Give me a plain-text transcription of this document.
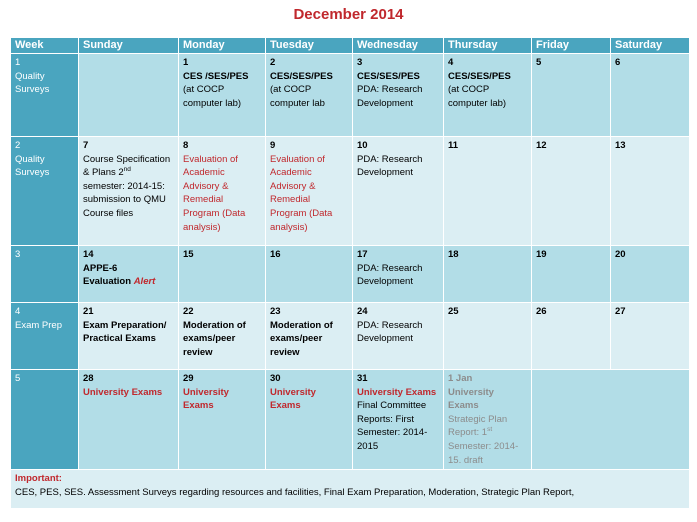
December 2014
Week	Sunday	Monday	Tuesday	Wednesday	Thursday	Friday	Saturday

1
Quality Surveys		1
CES /SES/PES
(at COCP computer lab)	2
CES/SES/PES
(at COCP computer lab	3
CES/SES/PES
PDA: Research Development	4
CES/SES/PES
(at COCP computer lab)	5	6

2
Quality Surveys	7
Course Specification & Plans 2nd semester: 2014-15: submission to QMU Course files	8
Evaluation of Academic Advisory & Remedial Program (Data analysis)	9
Evaluation of Academic Advisory & Remedial Program (Data analysis)	10
PDA: Research Development	11	12	13

3	14
APPE-6
Evaluation Alert	15	16	17
PDA: Research Development	18	19	20

4
Exam Prep	21
Exam Preparation/ Practical Exams	22
Moderation of exams/peer review	23
Moderation of exams/peer review	24
PDA: Research Development	25	26	27

5	28
University Exams	29
University Exams	30
University Exams	31
University Exams
Final Committee Reports: First Semester: 2014-2015	1 Jan
University Exams
Strategic Plan Report: 1st Semester: 2014-15. draft		

Important:
CES, PES, SES. Assessment Surveys regarding resources and facilities, Final Exam Preparation, Moderation, Strategic Plan Report,							
